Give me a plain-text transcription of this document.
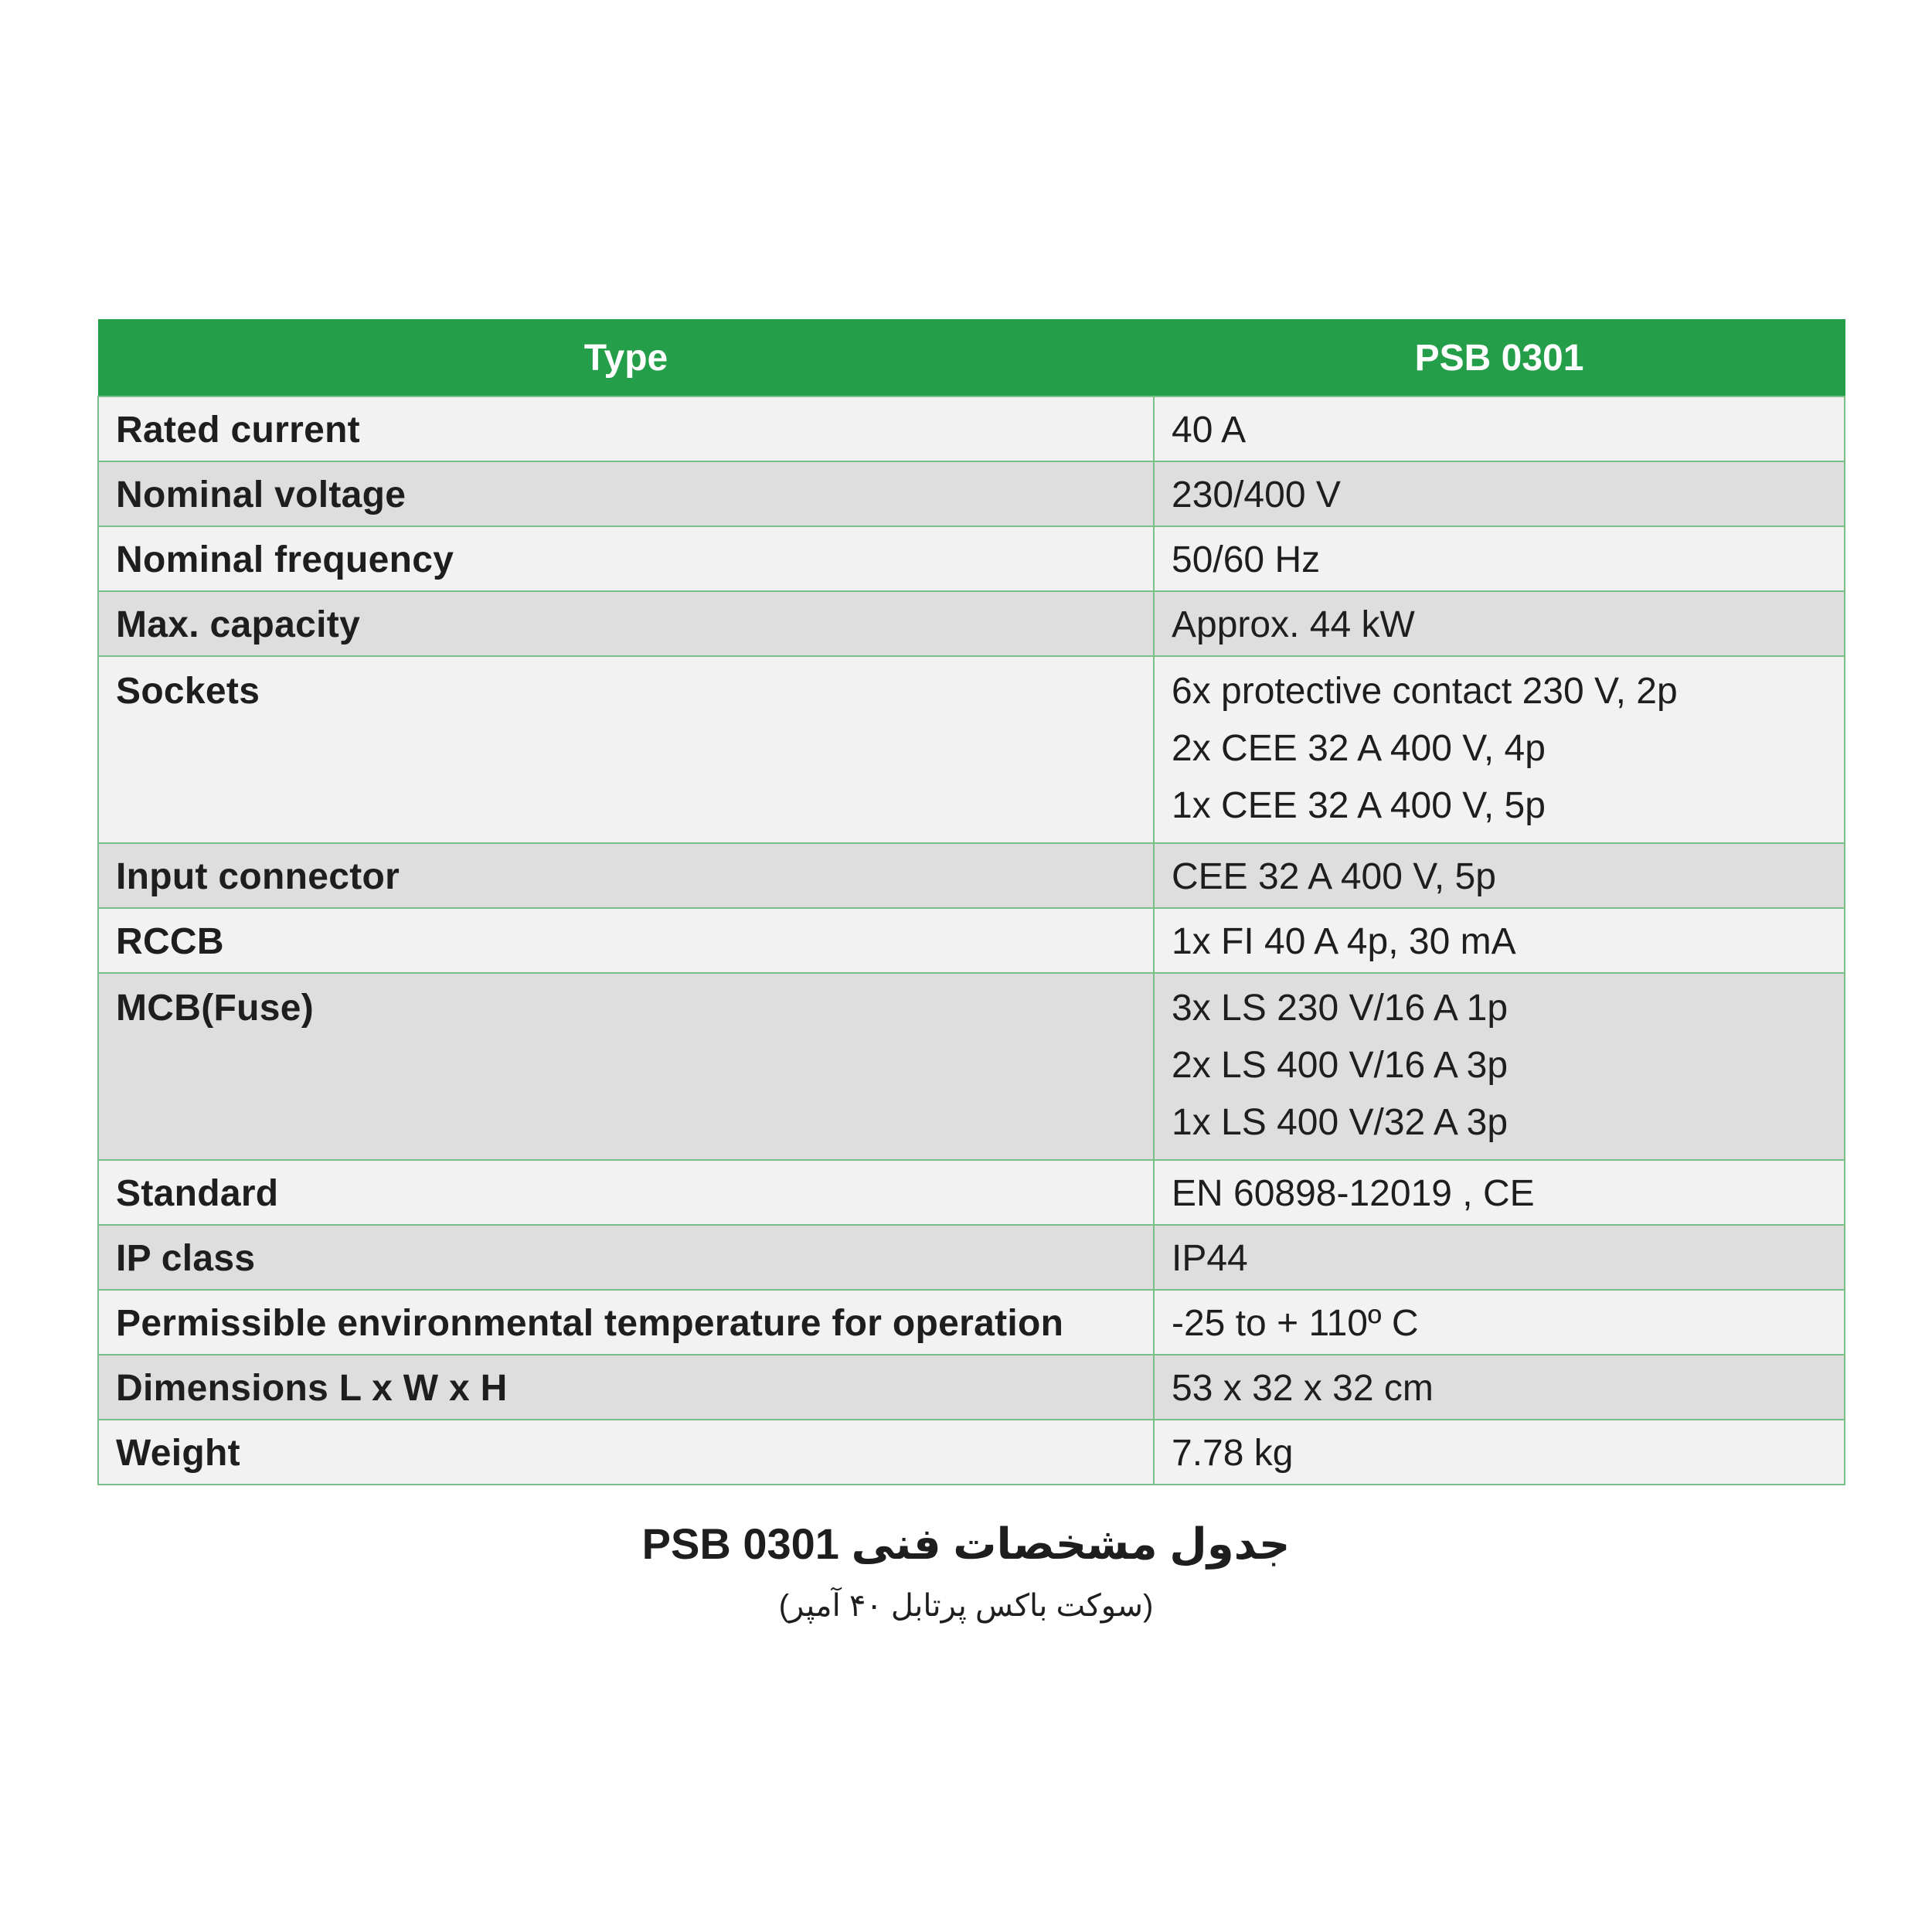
Type	PSB 0301
Rated current	40 A
Nominal voltage	230/400 V
Nominal frequency	50/60 Hz
Max. capacity	Approx. 44 kW
Sockets	6x protective contact 230 V, 2p
2x CEE 32 A 400 V, 4p
1x CEE 32 A 400 V, 5p

Input connector	CEE 32 A 400 V, 5p
RCCB	1x FI 40 A 4p, 30 mA
MCB(Fuse)	3x LS 230 V/16 A 1p
2x LS 400 V/16 A 3p
1x LS 400 V/32 A 3p

Standard	EN 60898-12019 , CE
IP class	IP44
Permissible environmental temperature for operation	-25 to + 110º C
Dimensions L x W x H	53 x 32 x 32 cm
Weight	7.78 kg
جدول مشخصات فنی PSB 0301
(سوکت باکس پرتابل ۴۰ آمپر)
